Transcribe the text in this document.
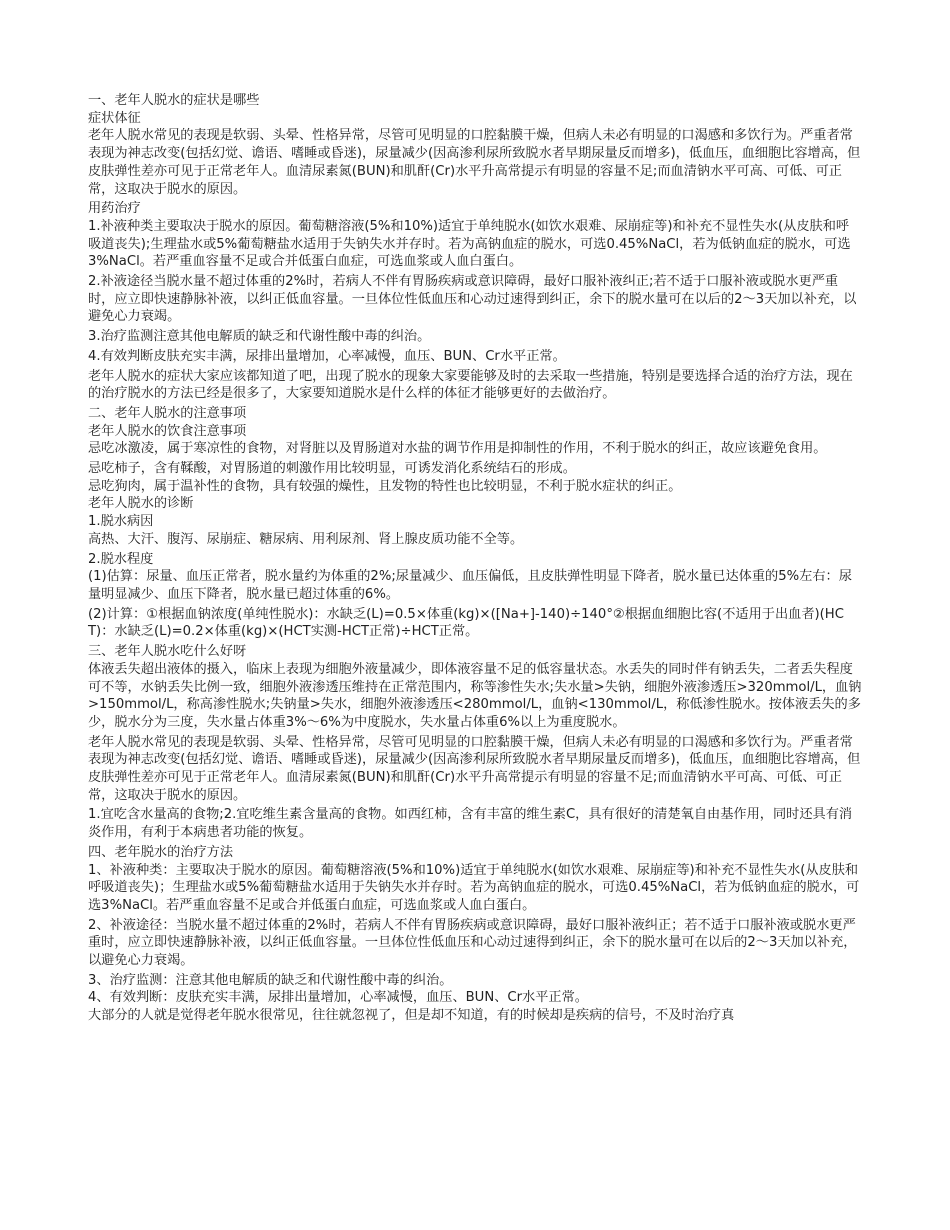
一、老年人脱水的症状是哪些

症状体征

老年人脱水常见的表现是软弱、头晕、性格异常，尽管可见明显的口腔黏膜干燥，但病人未必有明显的口渴感和多饮行为。严重者常表现为神志改变(包括幻觉、谵语、嗜睡或昏迷)，尿量减少(因高渗利尿所致脱水者早期尿量反而增多)，低血压，血细胞比容增高，但皮肤弹性差亦可见于正常老年人。血清尿素氮(BUN)和肌酐(Cr)水平升高常提示有明显的容量不足;而血清钠水平可高、可低、可正常，这取决于脱水的原因。

用药治疗

1.补液种类主要取决于脱水的原因。葡萄糖溶液(5%和10%)适宜于单纯脱水(如饮水艰难、尿崩症等)和补充不显性失水(从皮肤和呼吸道丧失);生理盐水或5%葡萄糖盐水适用于失钠失水并存时。若为高钠血症的脱水，可选0.45%NaCl，若为低钠血症的脱水，可选3%NaCl。若严重血容量不足或合并低蛋白血症，可选血浆或人血白蛋白。

2.补液途径当脱水量不超过体重的2%时，若病人不伴有胃肠疾病或意识障碍，最好口服补液纠正;若不适于口服补液或脱水更严重时，应立即快速静脉补液，以纠正低血容量。一旦体位性低血压和心动过速得到纠正，余下的脱水量可在以后的2～3天加以补充，以避免心力衰竭。

3.治疗监测注意其他电解质的缺乏和代谢性酸中毒的纠治。

4.有效判断皮肤充实丰满，尿排出量增加，心率减慢，血压、BUN、Cr水平正常。

老年人脱水的症状大家应该都知道了吧，出现了脱水的现象大家要能够及时的去采取一些措施，特别是要选择合适的治疗方法，现在的治疗脱水的方法已经是很多了，大家要知道脱水是什么样的体征才能够更好的去做治疗。

二、老年人脱水的注意事项

老年人脱水的饮食注意事项

忌吃冰激凌，属于寒凉性的食物，对肾脏以及胃肠道对水盐的调节作用是抑制性的作用，不利于脱水的纠正，故应该避免食用。

忌吃柿子，含有鞣酸，对胃肠道的刺激作用比较明显，可诱发消化系统结石的形成。

忌吃狗肉，属于温补性的食物，具有较强的燥性，且发物的特性也比较明显，不利于脱水症状的纠正。

老年人脱水的诊断

1.脱水病因

高热、大汗、腹泻、尿崩症、糖尿病、用利尿剂、肾上腺皮质功能不全等。

2.脱水程度

(1)估算：尿量、血压正常者，脱水量约为体重的2%;尿量减少、血压偏低，且皮肤弹性明显下降者，脱水量已达体重的5%左右：尿量明显减少、血压下降者，脱水量已超过体重的6%。

(2)计算：①根据血钠浓度(单纯性脱水)：水缺乏(L)=0.5×体重(kg)×([Na+]-140)÷140°②根据血细胞比容(不适用于出血者)(HCT)：水缺乏(L)=0.2×体重(kg)×(HCT实测-HCT正常)÷HCT正常。

三、老年人脱水吃什么好呀

体液丢失超出液体的摄入，临床上表现为细胞外液量减少，即体液容量不足的低容量状态。水丢失的同时伴有钠丢失，二者丢失程度可不等，水钠丢失比例一致，细胞外液渗透压维持在正常范围内，称等渗性失水;失水量>失钠，细胞外液渗透压>320mmol/L，血钠>150mmol/L，称高渗性脱水;失钠量>失水，细胞外液渗透压<280mmol/L，血钠<130mmol/L，称低渗性脱水。按体液丢失的多少，脱水分为三度，失水量占体重3%～6%为中度脱水，失水量占体重6%以上为重度脱水。

老年人脱水常见的表现是软弱、头晕、性格异常，尽管可见明显的口腔黏膜干燥，但病人未必有明显的口渴感和多饮行为。严重者常表现为神志改变(包括幻觉、谵语、嗜睡或昏迷)，尿量减少(因高渗利尿所致脱水者早期尿量反而增多)，低血压，血细胞比容增高，但皮肤弹性差亦可见于正常老年人。血清尿素氮(BUN)和肌酐(Cr)水平升高常提示有明显的容量不足;而血清钠水平可高、可低、可正常，这取决于脱水的原因。

1.宜吃含水量高的食物;2.宜吃维生素含量高的食物。如西红柿，含有丰富的维生素C，具有很好的清楚氧自由基作用，同时还具有消炎作用，有利于本病患者功能的恢复。

四、老年脱水的治疗方法

1、补液种类：主要取决于脱水的原因。葡萄糖溶液(5%和10%)适宜于单纯脱水(如饮水艰难、尿崩症等)和补充不显性失水(从皮肤和呼吸道丧失)；生理盐水或5%葡萄糖盐水适用于失钠失水并存时。若为高钠血症的脱水，可选0.45%NaCl，若为低钠血症的脱水，可选3%NaCl。若严重血容量不足或合并低蛋白血症，可选血浆或人血白蛋白。

2、补液途径：当脱水量不超过体重的2%时，若病人不伴有胃肠疾病或意识障碍，最好口服补液纠正；若不适于口服补液或脱水更严重时，应立即快速静脉补液，以纠正低血容量。一旦体位性低血压和心动过速得到纠正，余下的脱水量可在以后的2～3天加以补充，以避免心力衰竭。

3、治疗监测：注意其他电解质的缺乏和代谢性酸中毒的纠治。

4、有效判断：皮肤充实丰满，尿排出量增加，心率减慢，血压、BUN、Cr水平正常。

大部分的人就是觉得老年脱水很常见，往往就忽视了，但是却不知道，有的时候却是疾病的信号，不及时治疗真
